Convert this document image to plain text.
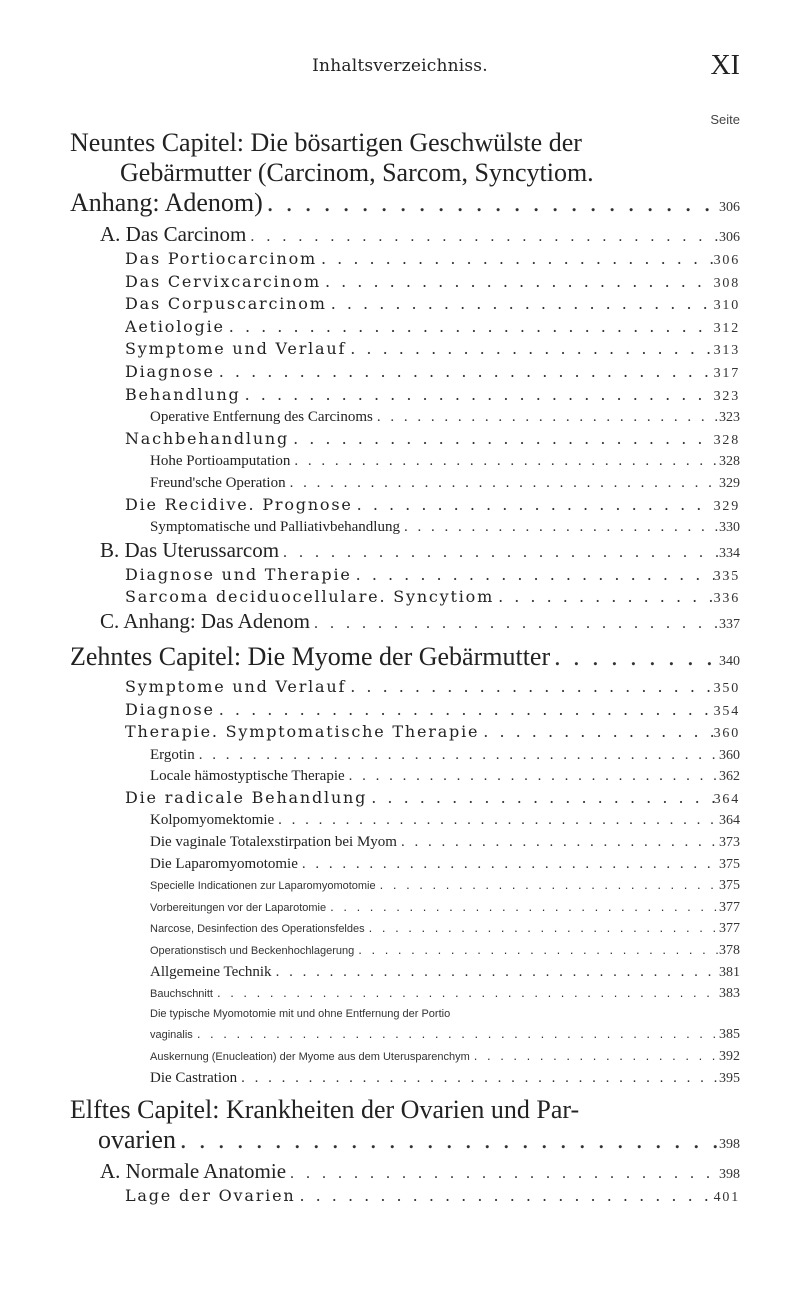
Inhaltsverzeichniss.	XI
Seite
Neuntes Capitel: Die bösartigen Geschwülste der
Gebärmutter (Carcinom, Sarcom, Syncytiom.
Anhang: Adenom) . . .	306
A. Das Carcinom . . .	306
Das Portiocarcinom . . .	306
Das Cervixcarcinom . . .	308
Das Corpuscarcinom . . .	310
Aetiologie . . .	312
Symptome und Verlauf . . .	313
Diagnose . . .	317
Behandlung . . .	323
Operative Entfernung des Carcinoms . . .	323
Nachbehandlung . . .	328
Hohe Portioamputation . . .	328
Freund'sche Operation . . .	329
Die Recidive. Prognose . . .	329
Symptomatische und Palliativbehandlung . . .	330
B. Das Uterussarcom . . .	334
Diagnose und Therapie . . .	335
Sarcoma deciduocellulare. Syncytiom . . .	336
C. Anhang: Das Adenom . . .	337
Zehntes Capitel: Die Myome der Gebärmutter . . .	340
Symptome und Verlauf . . .	350
Diagnose . . .	354
Therapie. Symptomatische Therapie . . .	360
Ergotin . . .	360
Locale hämostyptische Therapie . . .	362
Die radicale Behandlung . . .	364
Kolpomyomektomie . . .	364
Die vaginale Totalexstirpation bei Myom . . .	373
Die Laparomyomotomie . . .	375
Specielle Indicationen zur Laparomyomotomie . . .	375
Vorbereitungen vor der Laparotomie . . .	377
Narcose, Desinfection des Operationsfeldes . . .	377
Operationstisch und Beckenhochlagerung . . .	378
Allgemeine Technik . . .	381
Bauchschnitt . . .	383
Die typische Myomotomie mit und ohne Entfernung der Portio
vaginalis . . .	385
Auskernung (Enucleation) der Myome aus dem Uterusparenchym . . .	392
Die Castration . . .	395
Elftes Capitel: Krankheiten der Ovarien und Par-
ovarien . . .	398
A. Normale Anatomie . . .	398
Lage der Ovarien . . .	401
